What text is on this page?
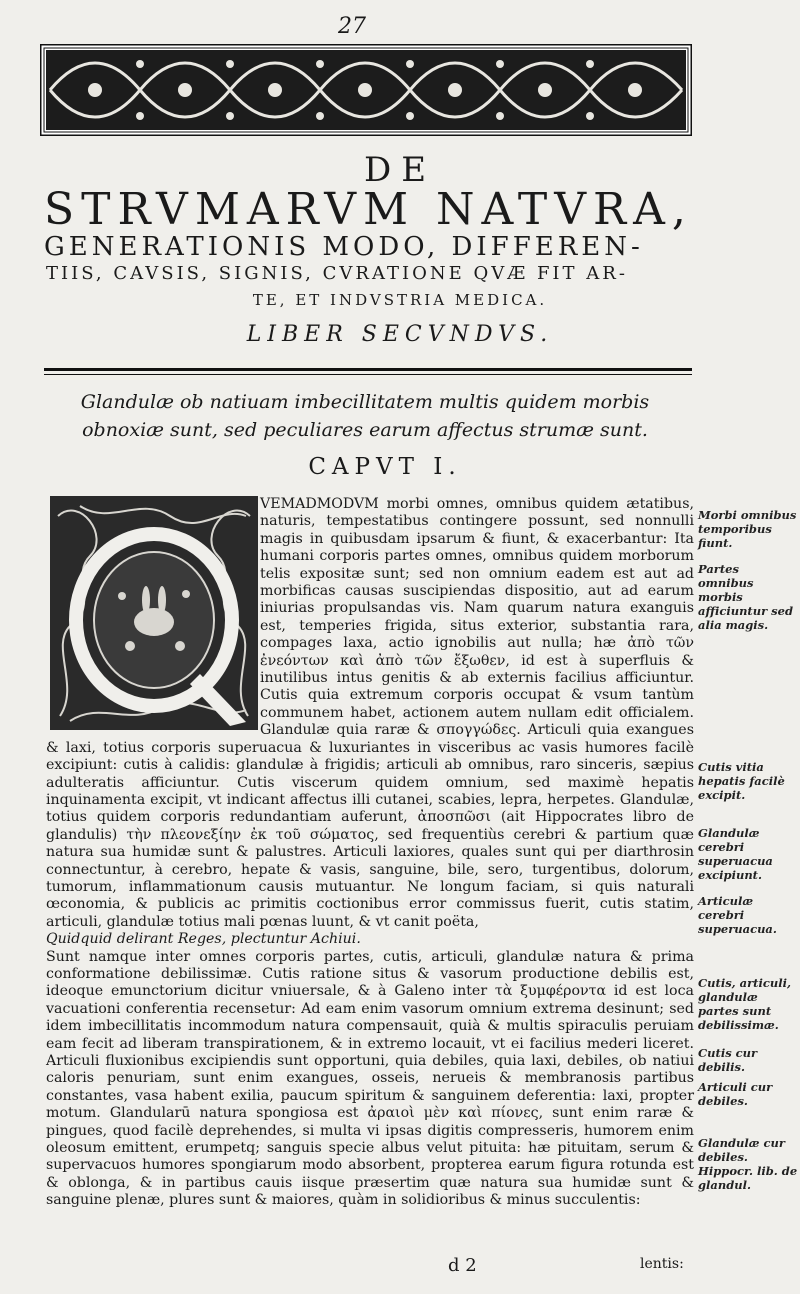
27
DE
STRVMARVM NATVRA,
GENERATIONIS MODO, DIFFEREN-
TIIS, CAVSIS, SIGNIS, CVRATIONE QVÆ FIT AR-
TE, ET INDVSTRIA MEDICA.
LIBER SECVNDVS.
Glandulæ ob natiuam imbecillitatem multis quidem morbis obnoxiæ sunt, sed peculiares earum affectus strumæ sunt.
CAPVT I.
VEMADMODVM morbi omnes, omnibus quidem ætatibus, naturis, tempestatibus contingere possunt, sed nonnulli magis in quibusdam ipsarum & fiunt, & exacerbantur: Ita humani corporis partes omnes, omnibus quidem morborum telis expositæ sunt; sed non omnium eadem est aut ad morbificas causas suscipiendas dispositio, aut ad earum iniurias propulsandas vis. Nam quarum natura exanguis est, temperies frigida, situs exterior, substantia rara, compages laxa, actio ignobilis aut nulla; hæ ἀπὸ τῶν ἐνεόντων καὶ ἀπὸ τῶν ἔξωθεν, id est à superfluis & inutilibus intus genitis & ab externis facilius afficiuntur. Cutis quia extremum corporis occupat & vsum tantùm communem habet, actionem autem nullam edit officialem. Glandulæ quia raræ & σπογγώδες. Articuli quia exangues & laxi, totius corporis superuacua & luxuriantes in visceribus ac vasis humores facilè excipiunt: cutis à calidis: glandulæ à frigidis; articuli ab omnibus, raro sinceris, sæpius adulteratis afficiuntur. Cutis viscerum quidem omnium, sed maximè hepatis inquinamenta excipit, vt indicant affectus illi cutanei, scabies, lepra, herpetes. Glandulæ, totius quidem corporis redundantiam auferunt, ἀποσπῶσι (ait Hippocrates libro de glandulis) τὴν πλεονεξίην ἐκ τοῦ σώματος, sed frequentiùs cerebri & partium quæ natura sua humidæ sunt & palustres. Articuli laxiores, quales sunt qui per diarthrosin connectuntur, à cerebro, hepate & vasis, sanguine, bile, sero, turgentibus, dolorum, tumorum, inflammationum causis mutuantur. Ne longum faciam, si quis naturali œconomia, & publicis ac primitis coctionibus error commissus fuerit, cutis statim, articuli, glandulæ totius mali pœnas luunt, & vt canit poëta,
Quidquid delirant Reges, plectuntur Achiui.
Sunt namque inter omnes corporis partes, cutis, articuli, glandulæ natura & prima conformatione debilissimæ. Cutis ratione situs & vasorum productione debilis est, ideoque emunctorium dicitur vniuersale, & à Galeno inter τὰ ξυμφέροντα id est loca vacuationi conferentia recensetur: Ad eam enim vasorum omnium extrema desinunt; sed idem imbecillitatis incommodum natura compensauit, quià & multis spiraculis peruiam eam fecit ad liberam transpirationem, & in extremo locauit, vt ei facilius mederi liceret. Articuli fluxionibus excipiendis sunt opportuni, quia debiles, quia laxi, debiles, ob natiui caloris penuriam, sunt enim exangues, osseis, nerueis & membranosis partibus constantes, vasa habent exilia, paucum spiritum & sanguinem deferentia: laxi, propter motum. Glandularū natura spongiosa est ἀραιοὶ μὲν καὶ πίονες, sunt enim raræ & pingues, quod facilè deprehendes, si multa vi ipsas digitis compresseris, humorem enim oleosum emittent, erumpetq; sanguis specie albus velut pituita: hæ pituitam, serum & supervacuos humores spongiarum modo absorbent, propterea earum figura rotunda est & oblonga, & in partibus cauis iisque præsertim quæ natura sua humidæ sunt & sanguine plenæ, plures sunt & maiores, quàm in solidioribus & minus succulentis:
Morbi omnibus temporibus fiunt.
Partes omnibus morbis afficiuntur sed alia magis.
Cutis vitia hepatis facilè excipit.
Glandulæ cerebri superuacua excipiunt.
Articulæ cerebri superuacua.
Cutis, articuli, glandulæ partes sunt debilissimæ.
Cutis cur debilis.
Articuli cur debiles.
Glandulæ cur debiles. Hippocr. lib. de glandul.
d 2	lentis:
